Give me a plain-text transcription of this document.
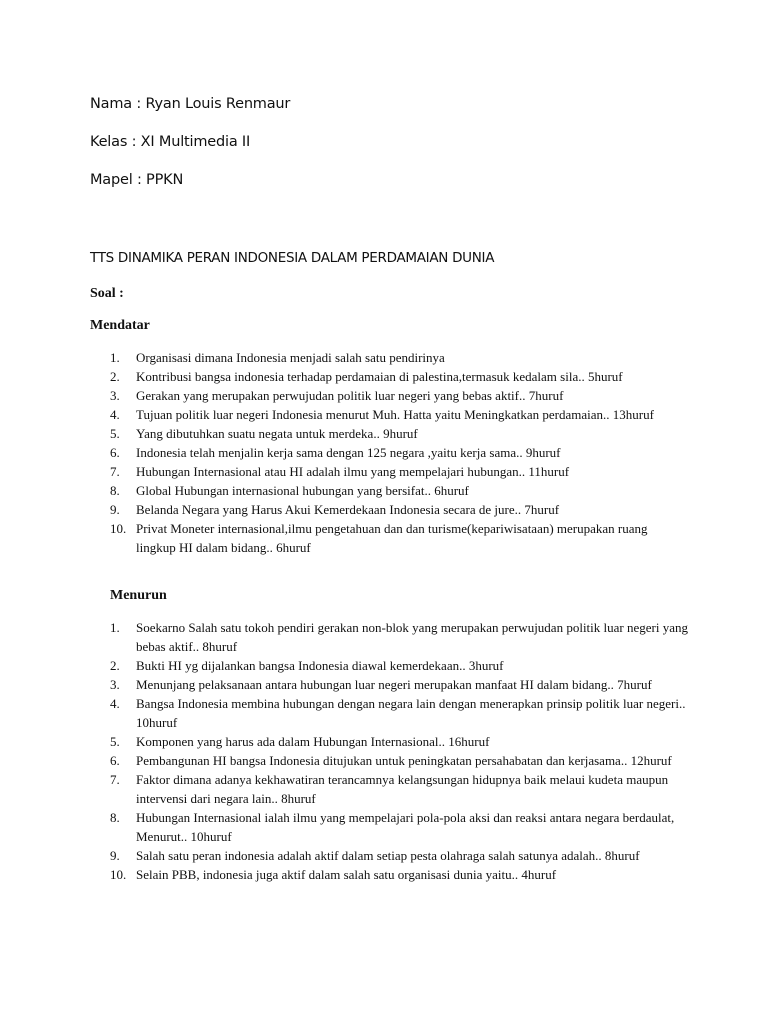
Nama : Ryan Louis Renmaur
Kelas : XI Multimedia II
Mapel : PPKN
TTS DINAMIKA PERAN INDONESIA DALAM PERDAMAIAN DUNIA
Soal :
Mendatar
1. Organisasi dimana Indonesia menjadi salah satu pendirinya
2. Kontribusi bangsa indonesia terhadap perdamaian di palestina,termasuk kedalam sila.. 5huruf
3. Gerakan yang merupakan perwujudan politik luar negeri yang bebas aktif.. 7huruf
4. Tujuan politik luar negeri Indonesia menurut Muh. Hatta yaitu Meningkatkan perdamaian.. 13huruf
5. Yang dibutuhkan suatu negata untuk merdeka.. 9huruf
6. Indonesia telah menjalin kerja sama dengan 125 negara ,yaitu kerja sama.. 9huruf
7. Hubungan Internasional atau HI adalah ilmu yang mempelajari hubungan.. 11huruf
8. Global Hubungan internasional hubungan yang bersifat.. 6huruf
9. Belanda Negara yang Harus Akui Kemerdekaan Indonesia secara de jure.. 7huruf
10. Privat Moneter internasional,ilmu pengetahuan dan dan turisme(kepariwisataan) merupakan ruang lingkup HI dalam bidang.. 6huruf
Menurun
1. Soekarno Salah satu tokoh pendiri gerakan non-blok yang merupakan perwujudan politik luar negeri yang bebas aktif.. 8huruf
2. Bukti HI yg dijalankan bangsa Indonesia diawal kemerdekaan.. 3huruf
3. Menunjang pelaksanaan antara hubungan luar negeri merupakan manfaat HI dalam bidang.. 7huruf
4. Bangsa Indonesia membina hubungan dengan negara lain dengan menerapkan prinsip politik luar negeri.. 10huruf
5. Komponen yang harus ada dalam Hubungan Internasional.. 16huruf
6. Pembangunan HI bangsa Indonesia ditujukan untuk peningkatan persahabatan dan kerjasama.. 12huruf
7. Faktor dimana adanya kekhawatiran terancamnya kelangsungan hidupnya baik melaui kudeta maupun intervensi dari negara lain.. 8huruf
8. Hubungan Internasional ialah ilmu yang mempelajari pola-pola aksi dan reaksi antara negara berdaulat, Menurut.. 10huruf
9. Salah satu peran indonesia adalah aktif dalam setiap pesta olahraga salah satunya adalah.. 8huruf
10. Selain PBB, indonesia juga aktif dalam salah satu organisasi dunia yaitu.. 4huruf
